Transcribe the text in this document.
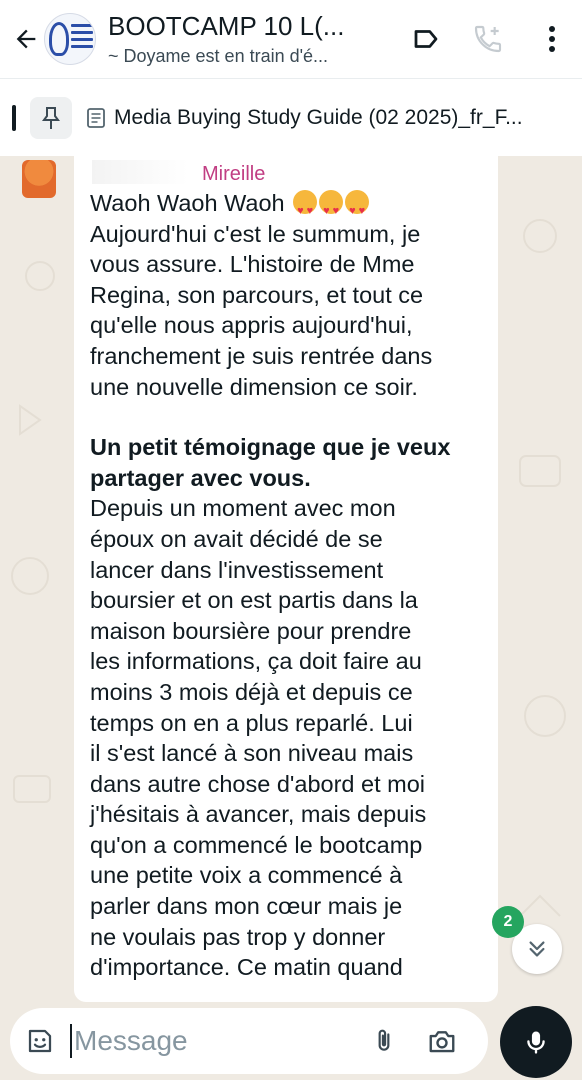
BOOTCAMP 10 L(...
~ Doyame est en train d'é...
Media Buying Study Guide (02 2025)_fr_F...
Mireille

Waoh Waoh Waoh ♥ ♥♥ ♥♥ ♥

Aujourd'hui c'est le summum, je

vous assure. L'histoire de Mme

Regina, son parcours, et tout ce

qu'elle nous appris aujourd'hui,

franchement je suis rentrée dans

une nouvelle dimension ce soir.

Un petit témoignage que je veux

partager avec vous.

Depuis un moment avec mon

époux on avait décidé de se

lancer dans l'investissement

boursier et on est partis dans la

maison boursière pour prendre

les informations, ça doit faire au

moins 3 mois déjà et depuis ce

temps on en a plus reparlé. Lui

il s'est lancé à son niveau mais

dans autre chose d'abord et moi

j'hésitais à avancer, mais depuis

qu'on a commencé le bootcamp

une petite voix a commencé à

parler dans mon cœur mais je

ne voulais pas trop y donner

d'importance. Ce matin quand

2
Message
